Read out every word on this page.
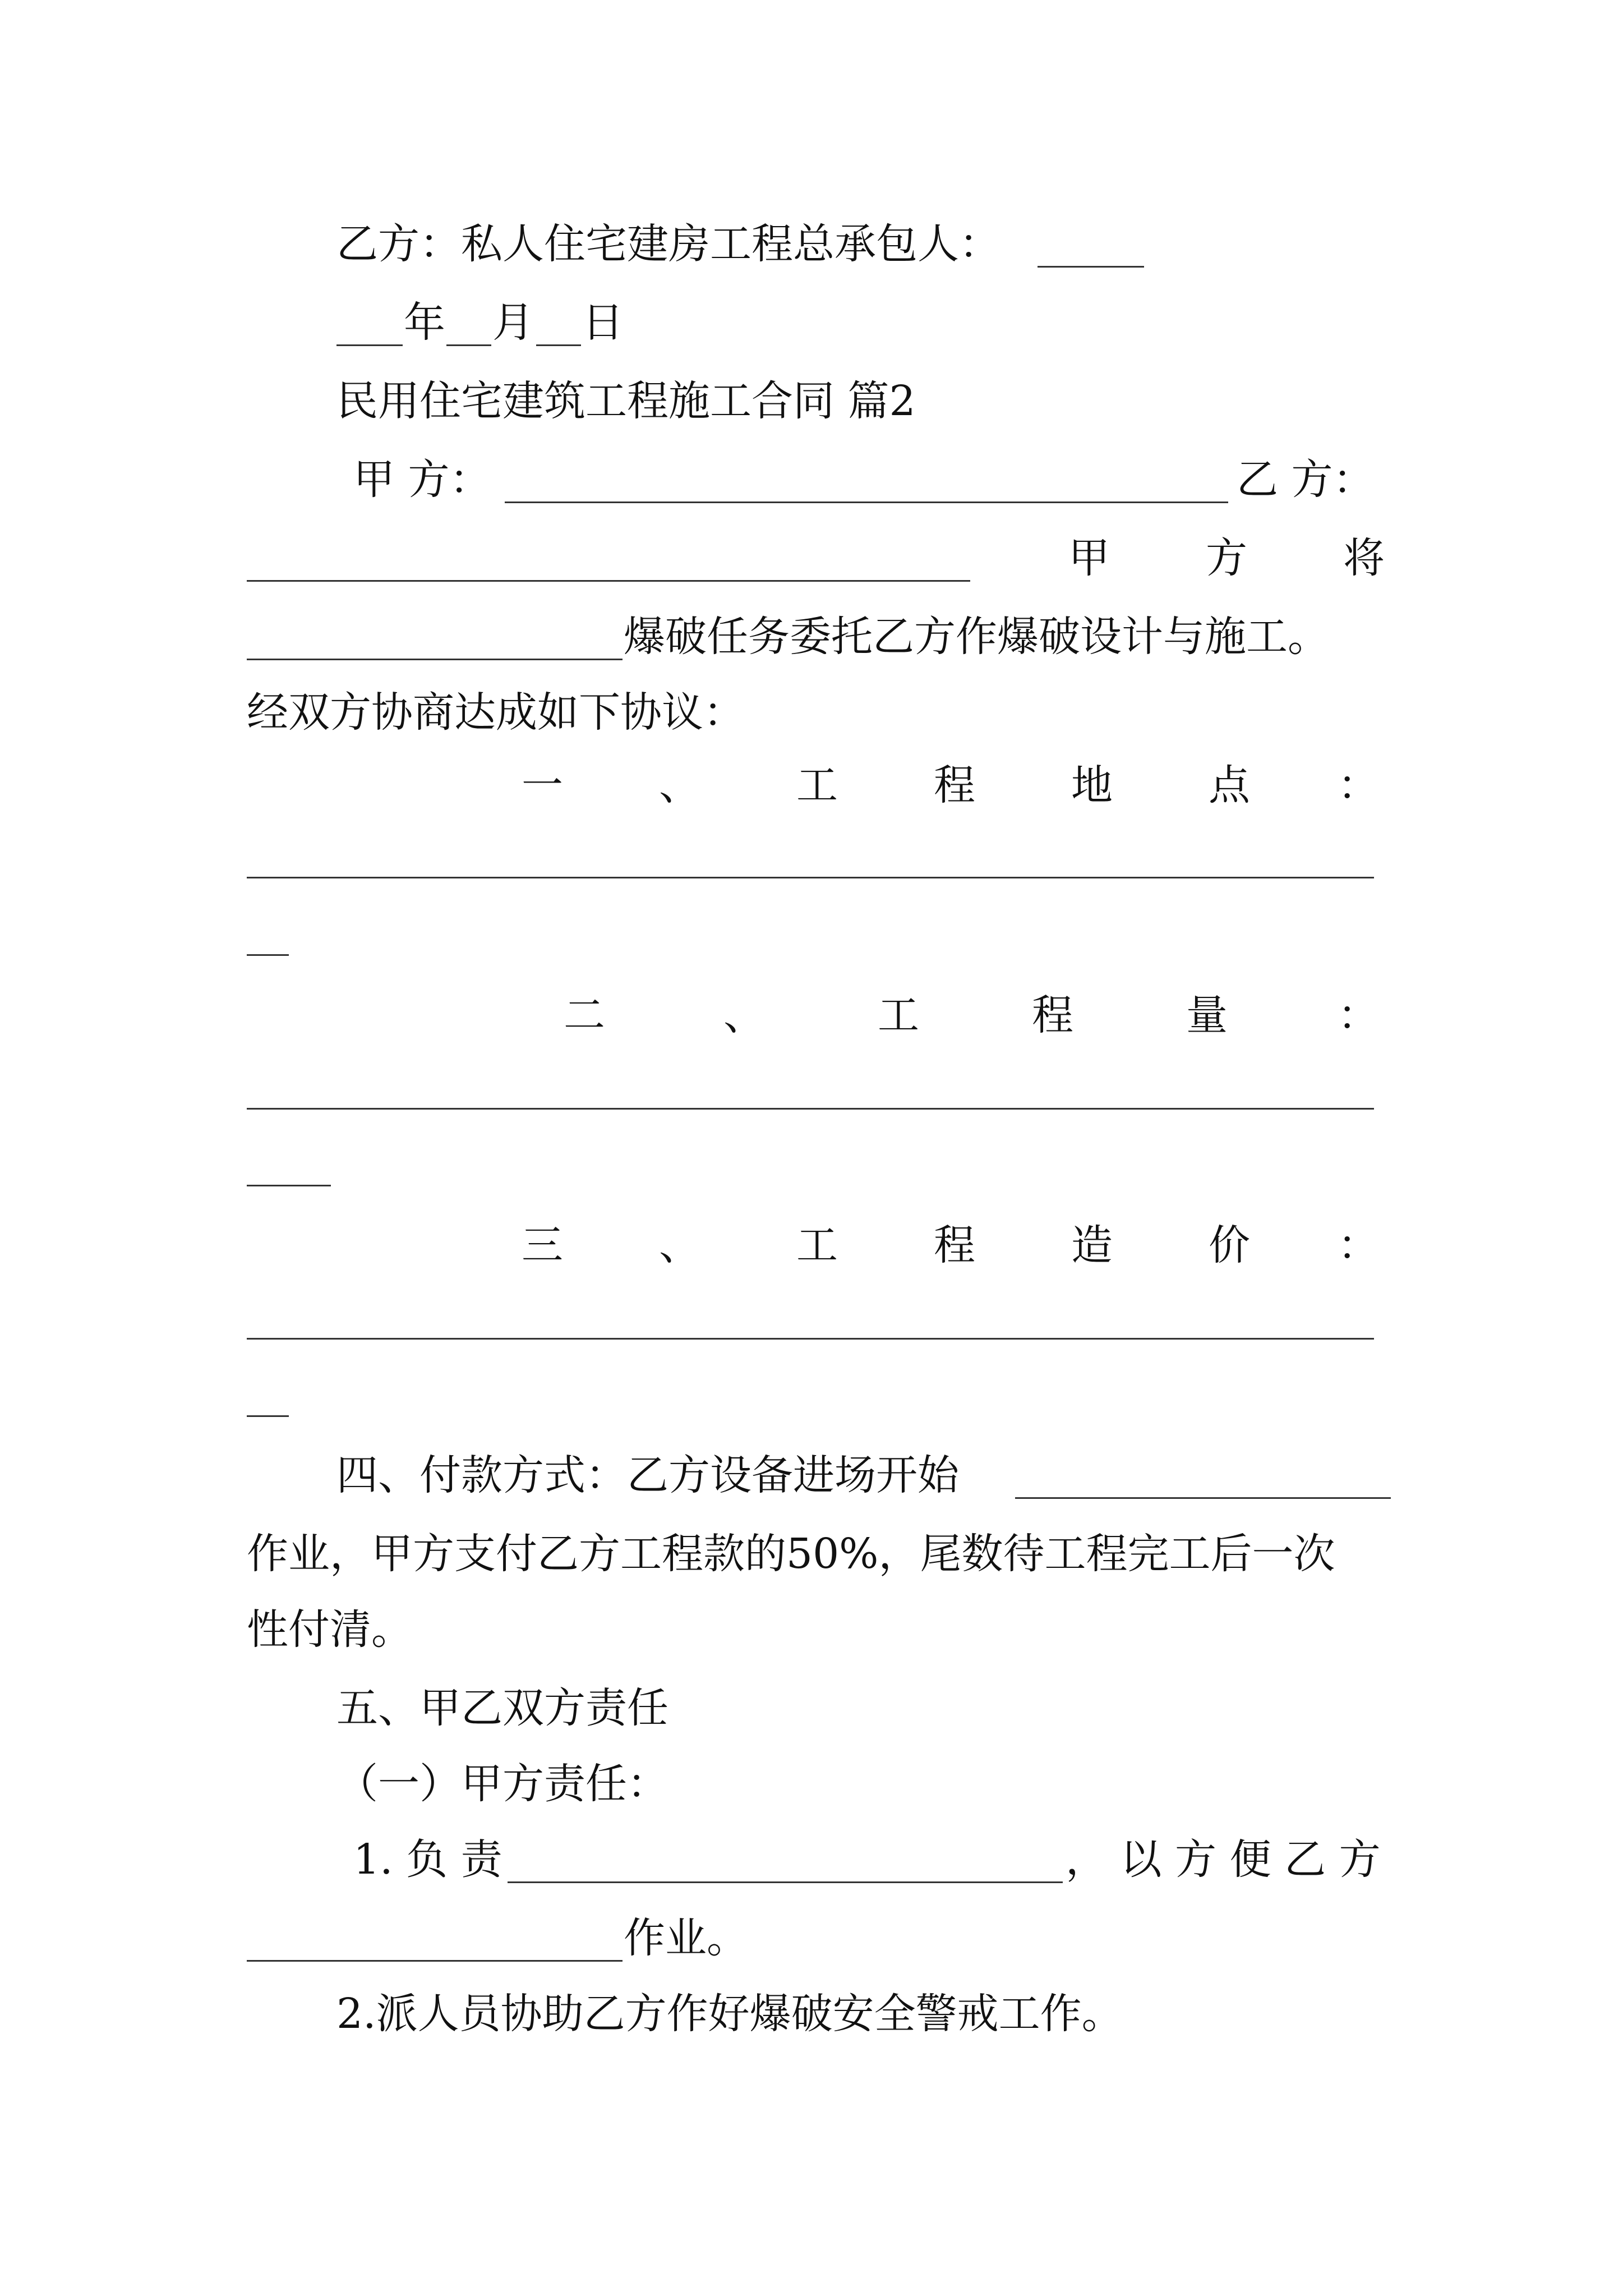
乙方：私人住宅建房工程总承包人：
年 月 日
民用住宅建筑工程施工合同 篇2
甲 方：	乙 方：
甲 方 将
爆破任务委托乙方作爆破设计与施工。
经双方协商达成如下协议：
一 、 工 程 地 点 ：
二	、	工	程	量	：
三 、 工 程 造 价 ：
四、付款方式：乙方设备进场开始
作业，甲方支付乙方工程款的50%，尾数待工程完工后一次
性付清。
五、甲乙双方责任
（一）甲方责任：
1. 负 责	， 以 方 便 乙 方
作业。
2.派人员协助乙方作好爆破安全警戒工作。
